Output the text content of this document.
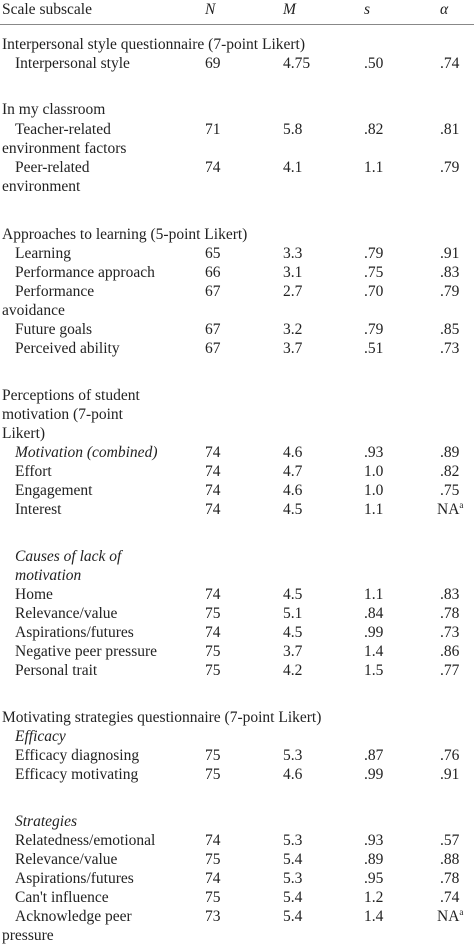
Scale subscale	N	M	s	α
Interpersonal style questionnaire (7-point Likert)
Interpersonal style	69	4.75	.50	.74
In my classroom
Teacher-related	71	5.8	.82	.81
environment factors
Peer-related	74	4.1	1.1	.79
environment
Approaches to learning (5-point Likert)
Learning	65	3.3	.79	.91
Performance approach	66	3.1	.75	.83
Performance	67	2.7	.70	.79
avoidance
Future goals	67	3.2	.79	.85
Perceived ability	67	3.7	.51	.73
Perceptions of student
motivation (7-point
Likert)
Motivation (combined)	74	4.6	.93	.89
Effort	74	4.7	1.0	.82
Engagement	74	4.6	1.0	.75
Interest	74	4.5	1.1	$NA^a$
Causes of lack of
motivation
Home	74	4.5	1.1	.83
Relevance/value	75	5.1	.84	.78
Aspirations/futures	74	4.5	.99	.73
Negative peer pressure	75	3.7	1.4	.86
Personal trait	75	4.2	1.5	.77
Motivating strategies questionnaire (7-point Likert)
Efficacy
Efficacy diagnosing	75	5.3	.87	.76
Efficacy motivating	75	4.6	.99	.91
Strategies
Relatedness/emotional	74	5.3	.93	.57
Relevance/value	75	5.4	.89	.88
Aspirations/futures	74	5.3	.95	.78
Can't influence	75	5.4	1.2	.74
Acknowledge peer	73	5.4	1.4	$NA^a$
pressure
